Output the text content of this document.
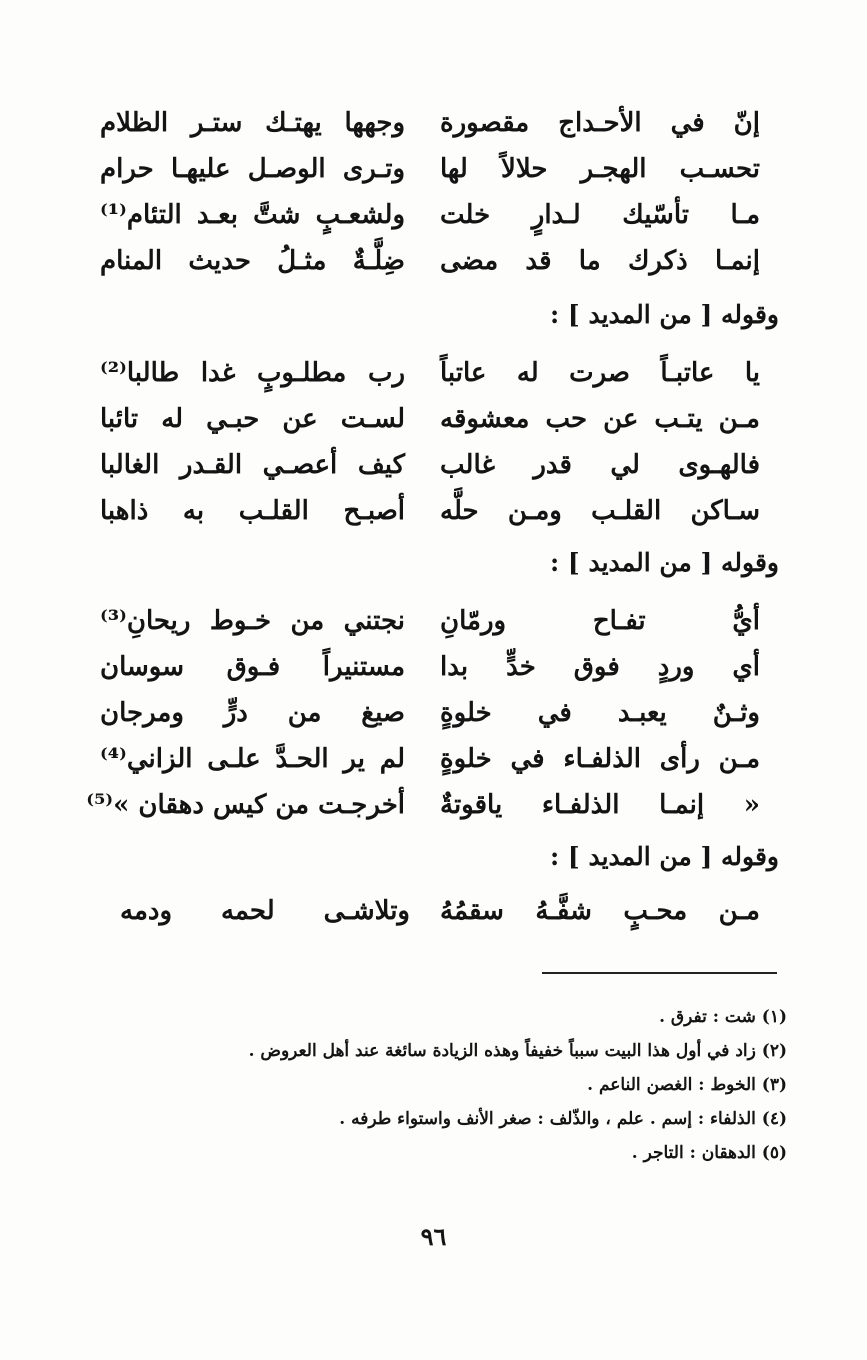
إنّ في الأحـداج مقصورة
وجهها يهتـك ستـر الظلام
تحسـب الهجـر حلالاً لها
وتـرى الوصـل عليهـا حرام
مـا تأسّيك لـدارٍ خلت
ولشعـبٍ شتَّ بعـد التئام⁽¹⁾
إنمـا ذكرك ما قد مضى
ضِلَّـةٌ مثـلُ حديث المنام
وقوله [ من المديد ] :
يا عاتبـاً صرت له عاتباً
رب مطلـوبٍ غدا طالبا⁽²⁾
مـن يتـب عن حب معشوقه
لسـت عن حبـي له تائبا
فالهـوى لي قدر غالب
كيف أعصـي القـدر الغالبا
سـاكن القلـب ومـن حلَّه
أصبـح القلـب به ذاهبا
وقوله [ من المديد ] :
أيُّ تفـاح ورمّانِ
نجتني من خـوط ريحانِ⁽³⁾
أي وردٍ فوق خدٍّ بدا
مستنيراً فـوق سوسان
وثـنٌ يعبـد في خلوةٍ
صيغ من درٍّ ومرجان
مـن رأى الذلفـاء في خلوةٍ
لم ير الحـدَّ علـى الزاني⁽⁴⁾
« إنمـا الذلفـاء ياقوتةٌ
أخرجـت من كيس دهقان »⁽⁵⁾
وقوله [ من المديد ] :
مـن محـبٍ شفَّـهُ سقمُهُ
وتلاشـى لحمه ودمه
(١) شت : تفرق .
(٢) زاد في أول هذا البيت سبباً خفيفاً وهذه الزيادة سائغة عند أهل العروض .
(٣) الخوط : الغصن الناعم .
(٤) الذلفاء : إسم . علم ، والذّلف : صغر الأنف واستواء طرفه .
(٥) الدهقان : التاجر .
٩٦
